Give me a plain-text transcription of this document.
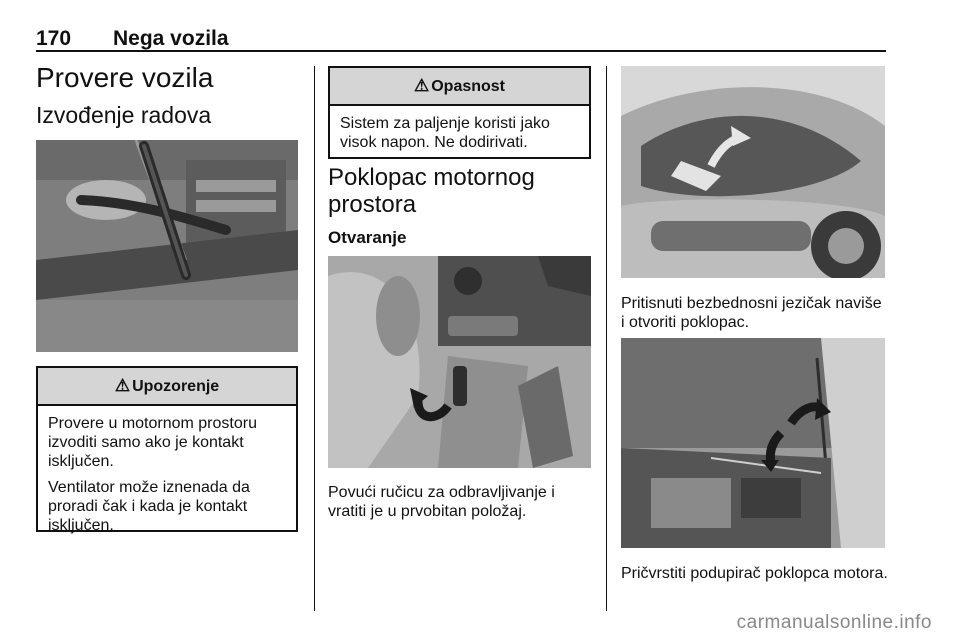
170 Nega vozila
Provere vozila
Izvođenje radova
⚠ Upozorenje

Provere u motornom prostoru izvoditi samo ako je kontakt isključen.

Ventilator može iznenada da proradi čak i kada je kontakt isključen.

⚠ Opasnost

Sistem za paljenje koristi jako visok napon. Ne dodirivati.

Poklopac motornog prostora
Otvaranje
Povući ručicu za odbravljivanje i vratiti je u prvobitan položaj.
Pritisnuti bezbednosni jezičak naviše i otvoriti poklopac.
Pričvrstiti podupirač poklopca motora.
carmanualsonline.info
